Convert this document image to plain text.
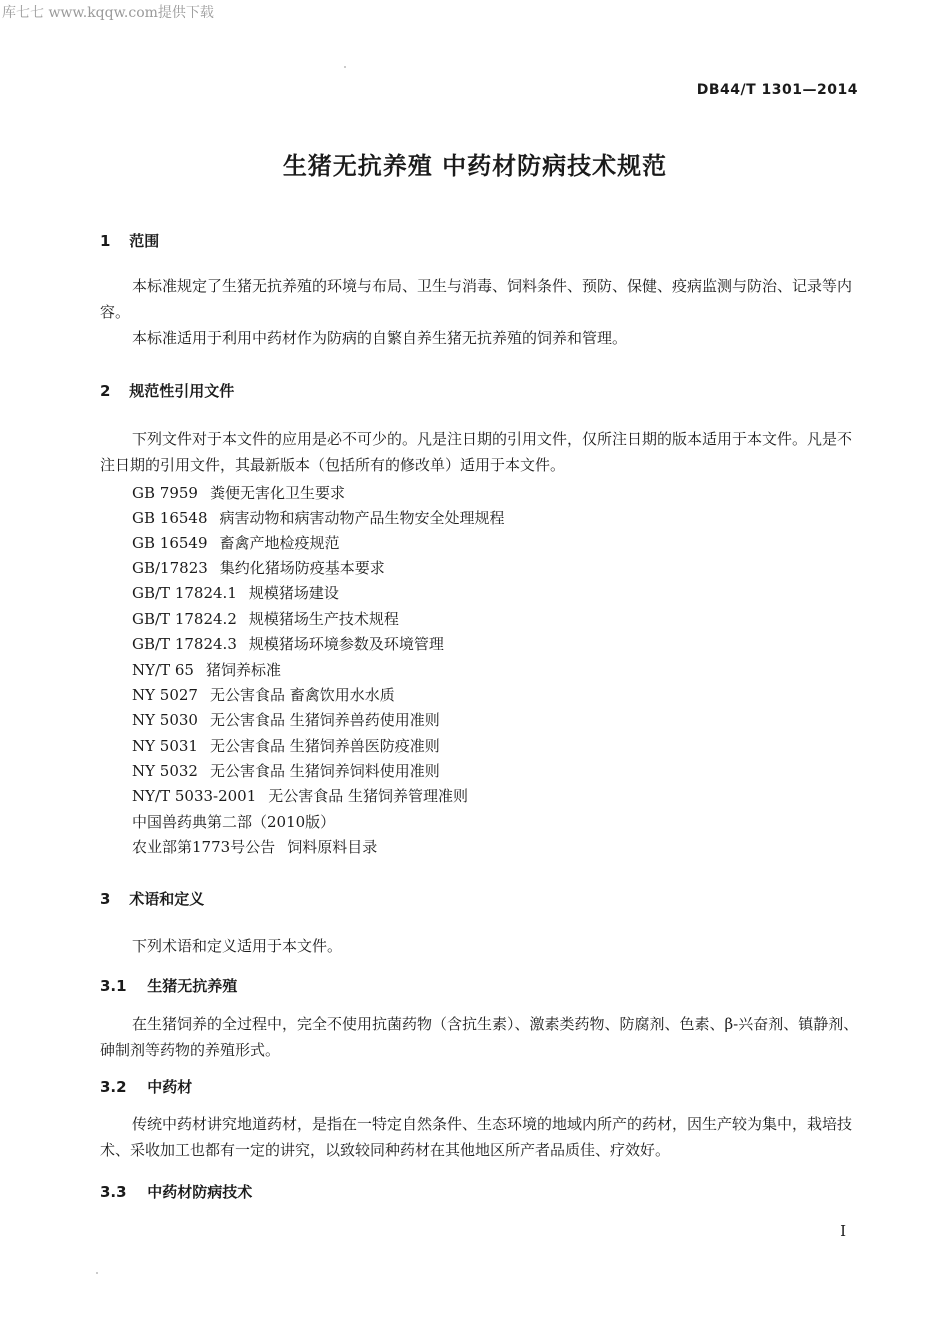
库七七 www.kqqw.com提供下载
DB44/T 1301—2014
生猪无抗养殖 中药材防病技术规范
1 范围
本标准规定了生猪无抗养殖的环境与布局、卫生与消毒、饲料条件、预防、保健、疫病监测与防治、记录等内容。
本标准适用于利用中药材作为防病的自繁自养生猪无抗养殖的饲养和管理。
2 规范性引用文件
下列文件对于本文件的应用是必不可少的。凡是注日期的引用文件，仅所注日期的版本适用于本文件。凡是不注日期的引用文件，其最新版本（包括所有的修改单）适用于本文件。
GB 7959 粪便无害化卫生要求
GB 16548 病害动物和病害动物产品生物安全处理规程
GB 16549 畜禽产地检疫规范
GB/17823 集约化猪场防疫基本要求
GB/T 17824.1 规模猪场建设
GB/T 17824.2 规模猪场生产技术规程
GB/T 17824.3 规模猪场环境参数及环境管理
NY/T 65 猪饲养标准
NY 5027 无公害食品 畜禽饮用水水质
NY 5030 无公害食品 生猪饲养兽药使用准则
NY 5031 无公害食品 生猪饲养兽医防疫准则
NY 5032 无公害食品 生猪饲养饲料使用准则
NY/T 5033-2001 无公害食品 生猪饲养管理准则
中国兽药典第二部（2010版）
农业部第1773号公告 饲料原料目录
3 术语和定义
下列术语和定义适用于本文件。
3.1 生猪无抗养殖
在生猪饲养的全过程中，完全不使用抗菌药物（含抗生素）、激素类药物、防腐剂、色素、β-兴奋剂、镇静剂、砷制剂等药物的养殖形式。
3.2 中药材
传统中药材讲究地道药材，是指在一特定自然条件、生态环境的地域内所产的药材，因生产较为集中，栽培技术、采收加工也都有一定的讲究，以致较同种药材在其他地区所产者品质佳、疗效好。
3.3 中药材防病技术
I
